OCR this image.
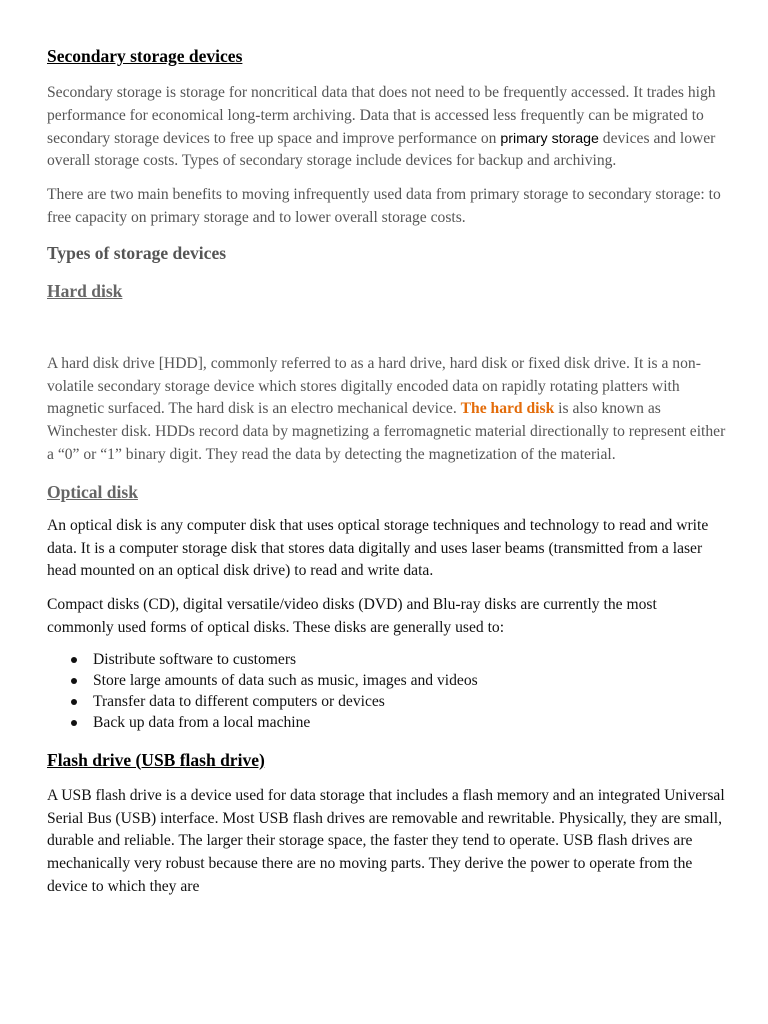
Secondary storage devices

Secondary storage is storage for noncritical data that does not need to be frequently accessed. It trades high performance for economical long-term archiving. Data that is accessed less frequently can be migrated to secondary storage devices to free up space and improve performance on primary storage devices and lower overall storage costs. Types of secondary storage include devices for backup and archiving.

There are two main benefits to moving infrequently used data from primary storage to secondary storage: to free capacity on primary storage and to lower overall storage costs.

Types of storage devices
Hard disk

A hard disk drive [HDD], commonly referred to as a hard drive, hard disk or fixed disk drive. It is a non-volatile secondary storage device which stores digitally encoded data on rapidly rotating platters with magnetic surfaced. The hard disk is an electro mechanical device. The hard disk is also known as Winchester disk. HDDs record data by magnetizing a ferromagnetic material directionally to represent either a “0” or “1” binary digit. They read the data by detecting the magnetization of the material.

Optical disk

An optical disk is any computer disk that uses optical storage techniques and technology to read and write data. It is a computer storage disk that stores data digitally and uses laser beams (transmitted from a laser head mounted on an optical disk drive) to read and write data.

Compact disks (CD), digital versatile/video disks (DVD) and Blu-ray disks are currently the most commonly used forms of optical disks. These disks are generally used to:

Distribute software to customers
Store large amounts of data such as music, images and videos
Transfer data to different computers or devices
Back up data from a local machine
Flash drive (USB flash drive)

A USB flash drive is a device used for data storage that includes a flash memory and an integrated Universal Serial Bus (USB) interface. Most USB flash drives are removable and rewritable. Physically, they are small, durable and reliable. The larger their storage space, the faster they tend to operate. USB flash drives are mechanically very robust because there are no moving parts. They derive the power to operate from the device to which they are
